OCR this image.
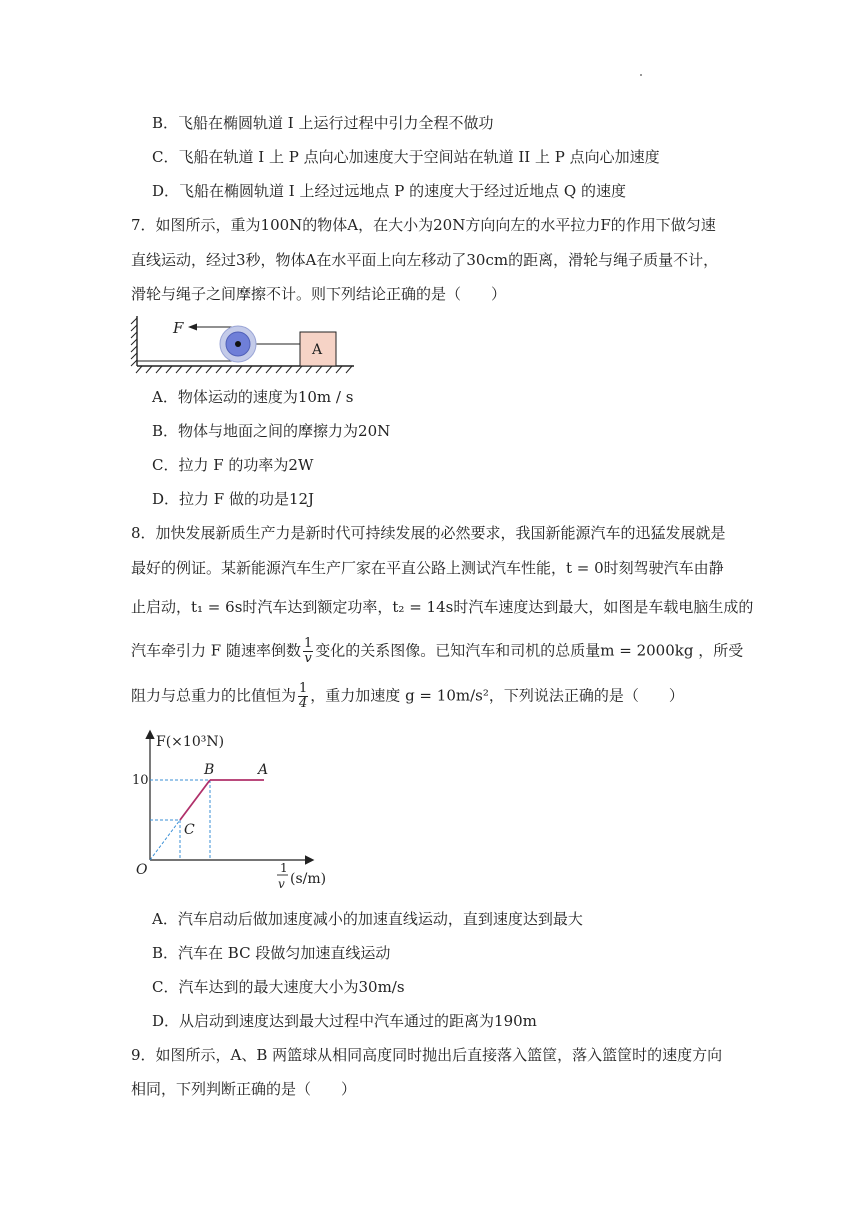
B．飞船在椭圆轨道 I 上运行过程中引力全程不做功
C．飞船在轨道 I 上 P 点向心加速度大于空间站在轨道 II 上 P 点向心加速度
D．飞船在椭圆轨道 I 上经过远地点 P 的速度大于经过近地点 Q 的速度
7．如图所示，重为100N的物体A，在大小为20N方向向左的水平拉力F的作用下做匀速
直线运动，经过3秒，物体A在水平面上向左移动了30cm的距离，滑轮与绳子质量不计，
滑轮与绳子之间摩擦不计。则下列结论正确的是（　　）
F
A
A．物体运动的速度为10m / s
B．物体与地面之间的摩擦力为20N
C．拉力 F 的功率为2W
D．拉力 F 做的功是12J
8．加快发展新质生产力是新时代可持续发展的必然要求，我国新能源汽车的迅猛发展就是
最好的例证。某新能源汽车生产厂家在平直公路上测试汽车性能，t = 0时刻驾驶汽车由静
止启动，t₁ = 6s时汽车达到额定功率，t₂ = 14s时汽车速度达到最大，如图是车载电脑生成的
汽车牵引力 F 随速率倒数 $\frac{1}{v}$ 变化的关系图像。已知汽车和司机的总质量m = 2000kg ，所受
阻力与总重力的比值恒为 $\frac{1}{4}$ ，重力加速度 g = 10m/s²，下列说法正确的是（　　）
F(×10³N)
10
O	1
v (s/m)
C
B	A
A．汽车启动后做加速度减小的加速直线运动，直到速度达到最大
B．汽车在 BC 段做匀加速直线运动
C．汽车达到的最大速度大小为30m/s
D．从启动到速度达到最大过程中汽车通过的距离为190m
9．如图所示，A、B 两篮球从相同高度同时抛出后直接落入篮筐，落入篮筐时的速度方向
相同，下列判断正确的是（　　）
